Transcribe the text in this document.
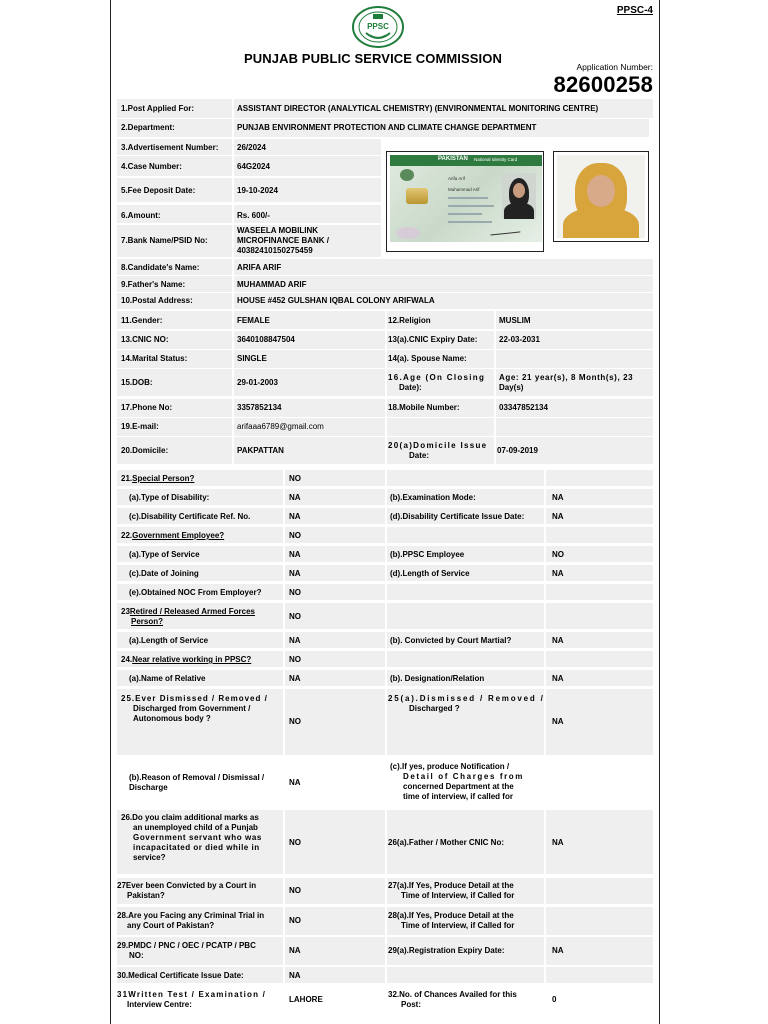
PPSC-4
PPSC
PUNJAB PUBLIC SERVICE COMMISSION
Application Number:
82600258
1.Post Applied For:	ASSISTANT DIRECTOR (ANALYTICAL CHEMISTRY) (ENVIRONMENTAL MONITORING CENTRE)
2.Department:	PUNJAB ENVIRONMENT PROTECTION AND CLIMATE CHANGE DEPARTMENT
3.Advertisement Number: 26/2024
4.Case Number:	64G2024
5.Fee Deposit Date:	19-10-2024
6.Amount:	Rs. 600/-
7.Bank Name/PSID No:
WASEELA MOBILINK
MICROFINANCE BANK /
40382410150275459
PAKISTAN National Identity Card
Arifa Arif
Muhammad Arif
8.Candidate's Name:	ARIFA ARIF
9.Father's Name:	MUHAMMAD ARIF
10.Postal Address:	HOUSE #452 GULSHAN IQBAL COLONY ARIFWALA
11.Gender:	FEMALE	12.Religion	MUSLIM
13.CNIC NO:	3640108847504	13(a).CNIC Expiry Date:	22-03-2031
14.Marital Status:	SINGLE	14(a). Spouse Name:
15.DOB:	29-01-2003
16.Age (On Closing
Date):
Age: 21 year(s), 8 Month(s), 23
Day(s)
17.Phone No:	3357852134	18.Mobile Number:	03347852134
19.E-mail:	arifaaa6789@gmail.com
20.Domicile:	PAKPATTAN
20(a)Domicile Issue
Date:
07-09-2019
21.Special Person?	NO
(a).Type of Disability:	NA	(b).Examination Mode:	NA
(c).Disability Certificate Ref. No.	NA	(d).Disability Certificate Issue Date:	NA
22.Government Employee?	NO
(a).Type of Service	NA	(b).PPSC Employee	NO
(c).Date of Joining	NA	(d).Length of Service	NA
(e).Obtained NOC From Employer?	NO
23Retired / Released Armed Forces
Person?
NO
(a).Length of Service	NA	(b). Convicted by Court Martial?	NA
24.Near relative working in PPSC?	NO
(a).Name of Relative	NA	(b). Designation/Relation	NA
25.Ever Dismissed / Removed /
Discharged from Government /
Autonomous body ?	NO
25(a).Dismissed / Removed /
Discharged ?
NA
(b).Reason of Removal / Dismissal /
Discharge
NA
(c).If yes, produce Notification /
Detail of Charges from
concerned Department at the
time of interview, if called for
26.Do you claim additional marks as
an unemployed child of a Punjab
Government servant who was
incapacitated or died while in
service?
NO	26(a).Father / Mother CNIC No:	NA
27Ever been Convicted by a Court in
Pakistan?
NO
27(a).If Yes, Produce Detail at the
Time of Interview, if Called for
28.Are you Facing any Criminal Trial in
any Court of Pakistan?
NO
28(a).If Yes, Produce Detail at the
Time of Interview, if Called for
29.PMDC / PNC / OEC / PCATP / PBC
NO:
NA	29(a).Registration Expiry Date:	NA
30.Medical Certificate Issue Date:	NA
31Written Test / Examination /
Interview Centre:
LAHORE
32.No. of Chances Availed for this
Post:
0
